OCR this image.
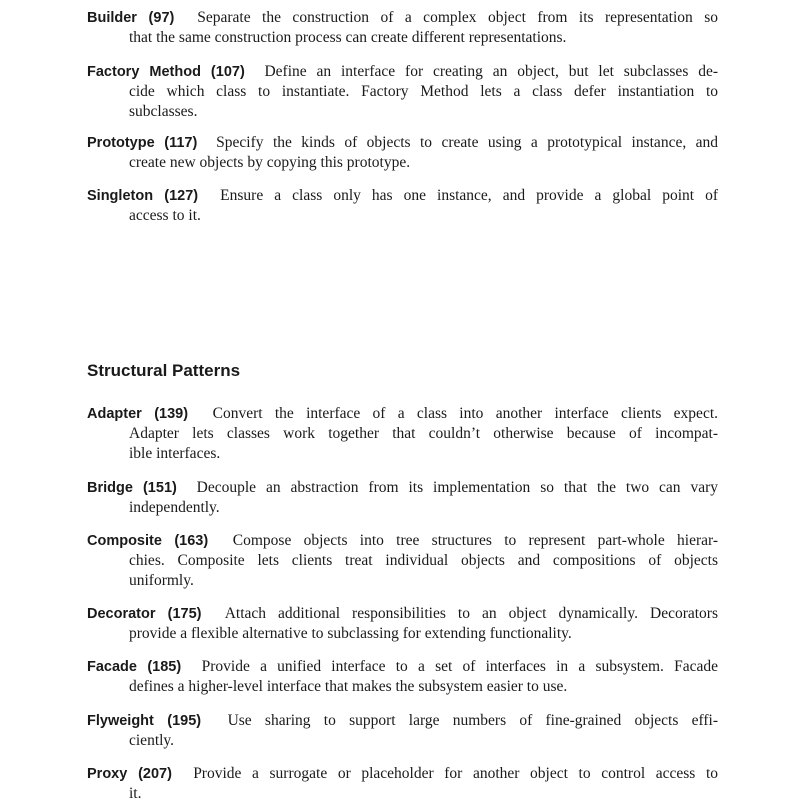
Builder (97) Separate the construction of a complex object from its representation so
that the same construction process can create different representations.
Factory Method (107) Define an interface for creating an object, but let subclasses de-
cide which class to instantiate. Factory Method lets a class defer instantiation to
subclasses.
Prototype (117) Specify the kinds of objects to create using a prototypical instance, and
create new objects by copying this prototype.
Singleton (127) Ensure a class only has one instance, and provide a global point of
access to it.
Structural Patterns
Adapter (139) Convert the interface of a class into another interface clients expect.
Adapter lets classes work together that couldn’t otherwise because of incompat-
ible interfaces.
Bridge (151) Decouple an abstraction from its implementation so that the two can vary
independently.
Composite (163) Compose objects into tree structures to represent part-whole hierar-
chies. Composite lets clients treat individual objects and compositions of objects
uniformly.
Decorator (175) Attach additional responsibilities to an object dynamically. Decorators
provide a flexible alternative to subclassing for extending functionality.
Facade (185) Provide a unified interface to a set of interfaces in a subsystem. Facade
defines a higher-level interface that makes the subsystem easier to use.
Flyweight (195) Use sharing to support large numbers of fine-grained objects effi-
ciently.
Proxy (207) Provide a surrogate or placeholder for another object to control access to
it.
